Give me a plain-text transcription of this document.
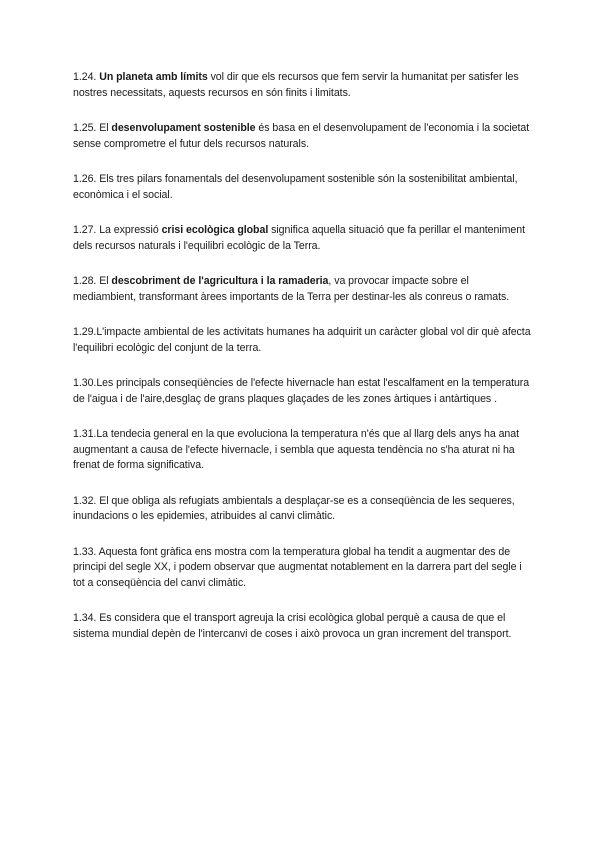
1.24. Un planeta amb límits vol dir que els recursos que fem servir la humanitat per satisfer les nostres necessitats, aquests recursos en són finits i limitats.

1.25. El desenvolupament sostenible és basa en el desenvolupament de l'economia i la societat sense comprometre el futur dels recursos naturals.

1.26. Els tres pilars fonamentals del desenvolupament sostenible són la sostenibilitat ambiental, econòmica i el social.

1.27. La expressió crisi ecològica global significa aquella situació que fa perillar el manteniment dels recursos naturals i l'equilibri ecològic de la Terra.

1.28. El descobriment de l'agricultura i la ramaderia, va provocar impacte sobre el mediambient, transformant àrees importants de la Terra per destinar-les als conreus o ramats.

1.29.L'impacte ambiental de les activitats humanes ha adquirit un caràcter global vol dir què afecta l'equilibri ecològic del conjunt de la terra.

1.30.Les principals conseqüències de l'efecte hivernacle han estat l'escalfament en la temperatura de l'aigua i de l'aire,desglaç de grans plaques glaçades de les zones àrtiques i antàrtiques .

1.31.La tendecia general en la que evoluciona la temperatura n'és que al llarg dels anys ha anat augmentant a causa de l'efecte hivernacle, i sembla que aquesta tendència no s'ha aturat ni ha frenat de forma significativa.

1.32. El que obliga als refugiats ambientals a desplaçar-se es a conseqüència de les sequeres, inundacions o les epidemies, atribuides al canvi climàtic.

1.33. Aquesta font gràfica ens mostra com la temperatura global ha tendit a augmentar des de principi del segle XX, i podem observar que augmentat notablement en la darrera part del segle i tot a conseqüència del canvi climàtic.

1.34. Es considera que el transport agreuja la crisi ecològica global perquè a causa de que el sistema mundial depèn de l'intercanvi de coses i això provoca un gran increment del transport.
